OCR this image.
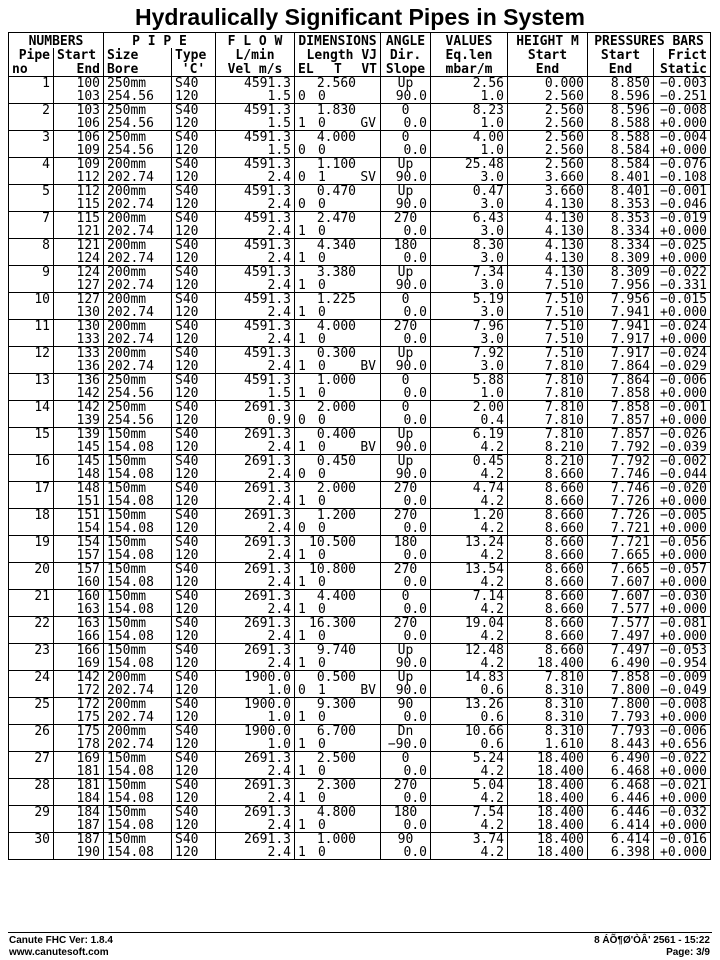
Hydraulically Significant Pipes in System
NUMBERS		P I P E		F L O W	DIMENSIONS	ANGLE	VALUES	HEIGHT M	PRESSURES BARS	
Pipe	Start	Size	Type	L/min	Length VJ	Dir.	Eq.len	Start	Start	Frict
no	End	Bore	'C'	Vel m/s	EL T VT	Slope	mbar/m	End	End	Static
1	100	250mm	S40	4591.3	2.560	Up	2.56	0.000	8.850	−0.003
	103	254.56	120	1.5	0 0	90.0	1.0	2.560	8.596	−0.251
2	103	250mm	S40	4591.3	1.830	0	8.23	2.560	8.596	−0.008
	106	254.56	120	1.5	1 0 GV	0.0	1.0	2.560	8.588	+0.000
3	106	250mm	S40	4591.3	4.000	0	4.00	2.560	8.588	−0.004
	109	254.56	120	1.5	0 0	0.0	1.0	2.560	8.584	+0.000
4	109	200mm	S40	4591.3	1.100	Up	25.48	2.560	8.584	−0.076
	112	202.74	120	2.4	0 1 SV	90.0	3.0	3.660	8.401	−0.108
5	112	200mm	S40	4591.3	0.470	Up	0.47	3.660	8.401	−0.001
	115	202.74	120	2.4	0 0	90.0	3.0	4.130	8.353	−0.046
7	115	200mm	S40	4591.3	2.470	270	6.43	4.130	8.353	−0.019
	121	202.74	120	2.4	1 0	0.0	3.0	4.130	8.334	+0.000
8	121	200mm	S40	4591.3	4.340	180	8.30	4.130	8.334	−0.025
	124	202.74	120	2.4	1 0	0.0	3.0	4.130	8.309	+0.000
9	124	200mm	S40	4591.3	3.380	Up	7.34	4.130	8.309	−0.022
	127	202.74	120	2.4	1 0	90.0	3.0	7.510	7.956	−0.331
10	127	200mm	S40	4591.3	1.225	0	5.19	7.510	7.956	−0.015
	130	202.74	120	2.4	1 0	0.0	3.0	7.510	7.941	+0.000
11	130	200mm	S40	4591.3	4.000	270	7.96	7.510	7.941	−0.024
	133	202.74	120	2.4	1 0	0.0	3.0	7.510	7.917	+0.000
12	133	200mm	S40	4591.3	0.300	Up	7.92	7.510	7.917	−0.024
	136	202.74	120	2.4	1 0 BV	90.0	3.0	7.810	7.864	−0.029
13	136	250mm	S40	4591.3	1.000	0	5.88	7.810	7.864	−0.006
	142	254.56	120	1.5	1 0	0.0	1.0	7.810	7.858	+0.000
14	142	250mm	S40	2691.3	2.000	0	2.00	7.810	7.858	−0.001
	139	254.56	120	0.9	0 0	0.0	0.4	7.810	7.857	+0.000
15	139	150mm	S40	2691.3	0.400	Up	6.19	7.810	7.857	−0.026
	145	154.08	120	2.4	1 0 BV	90.0	4.2	8.210	7.792	−0.039
16	145	150mm	S40	2691.3	0.450	Up	0.45	8.210	7.792	−0.002
	148	154.08	120	2.4	0 0	90.0	4.2	8.660	7.746	−0.044
17	148	150mm	S40	2691.3	2.000	270	4.74	8.660	7.746	−0.020
	151	154.08	120	2.4	1 0	0.0	4.2	8.660	7.726	+0.000
18	151	150mm	S40	2691.3	1.200	270	1.20	8.660	7.726	−0.005
	154	154.08	120	2.4	0 0	0.0	4.2	8.660	7.721	+0.000
19	154	150mm	S40	2691.3	10.500	180	13.24	8.660	7.721	−0.056
	157	154.08	120	2.4	1 0	0.0	4.2	8.660	7.665	+0.000
20	157	150mm	S40	2691.3	10.800	270	13.54	8.660	7.665	−0.057
	160	154.08	120	2.4	1 0	0.0	4.2	8.660	7.607	+0.000
21	160	150mm	S40	2691.3	4.400	0	7.14	8.660	7.607	−0.030
	163	154.08	120	2.4	1 0	0.0	4.2	8.660	7.577	+0.000
22	163	150mm	S40	2691.3	16.300	270	19.04	8.660	7.577	−0.081
	166	154.08	120	2.4	1 0	0.0	4.2	8.660	7.497	+0.000
23	166	150mm	S40	2691.3	9.740	Up	12.48	8.660	7.497	−0.053
	169	154.08	120	2.4	1 0	90.0	4.2	18.400	6.490	−0.954
24	142	200mm	S40	1900.0	0.500	Up	14.83	7.810	7.858	−0.009
	172	202.74	120	1.0	0 1 BV	90.0	0.6	8.310	7.800	−0.049
25	172	200mm	S40	1900.0	9.300	90	13.26	8.310	7.800	−0.008
	175	202.74	120	1.0	1 0	0.0	0.6	8.310	7.793	+0.000
26	175	200mm	S40	1900.0	6.700	Dn	10.66	8.310	7.793	−0.006
	178	202.74	120	1.0	1 0	−90.0	0.6	1.610	8.443	+0.656
27	169	150mm	S40	2691.3	2.500	0	5.24	18.400	6.490	−0.022
	181	154.08	120	2.4	1 0	0.0	4.2	18.400	6.468	+0.000
28	181	150mm	S40	2691.3	2.300	270	5.04	18.400	6.468	−0.021
	184	154.08	120	2.4	1 0	0.0	4.2	18.400	6.446	+0.000
29	184	150mm	S40	2691.3	4.800	180	7.54	18.400	6.446	−0.032
	187	154.08	120	2.4	1 0	0.0	4.2	18.400	6.414	+0.000
30	187	150mm	S40	2691.3	1.000	90	3.74	18.400	6.414	−0.016
	190	154.08	120	2.4	1 0	0.0	4.2	18.400	6.398	+0.000
Canute FHC Ver: 1.8.4
www.canutesoft.com
8 ÁÕ¶Ø'ÒÂ' 2561 - 15:22
Page: 3/9
